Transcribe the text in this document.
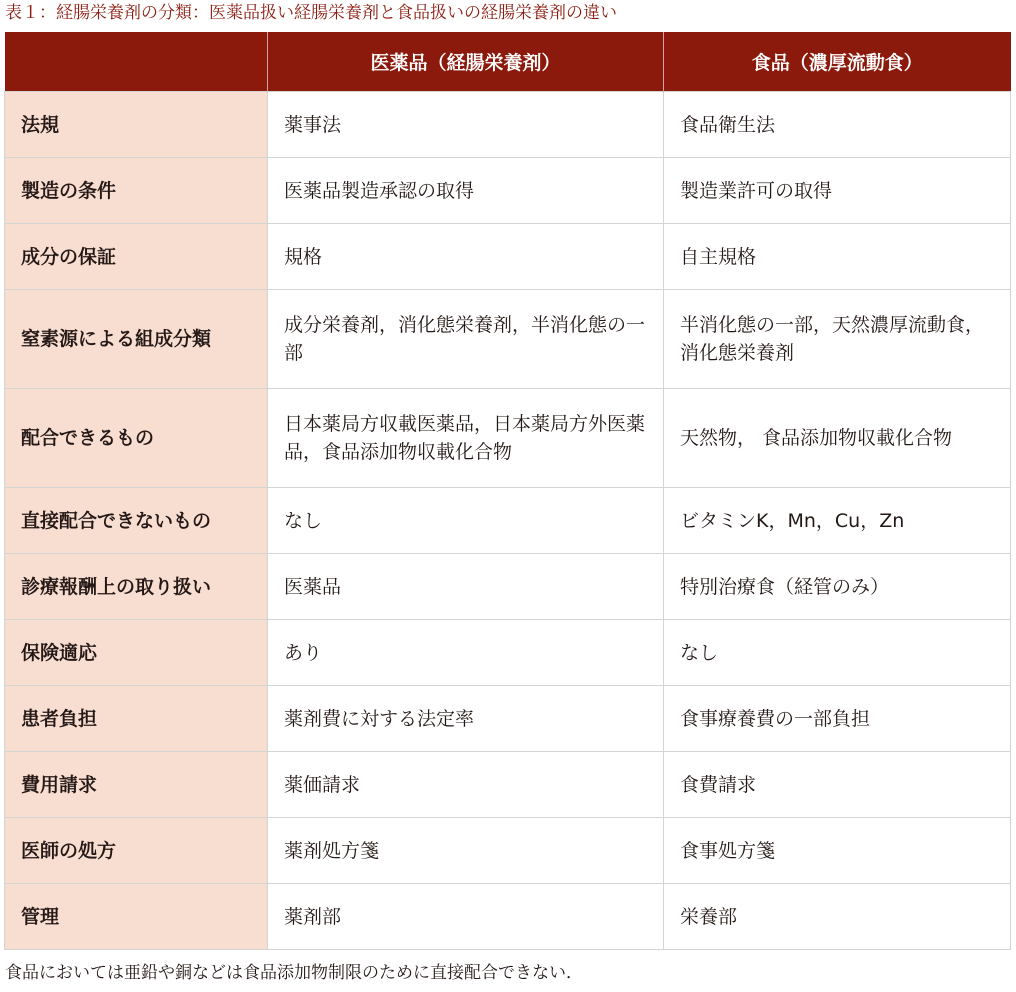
表１：経腸栄養剤の分類：医薬品扱い経腸栄養剤と食品扱いの経腸栄養剤の違い
	医薬品（経腸栄養剤）	食品（濃厚流動食）
法規	薬事法	食品衛生法
製造の条件	医薬品製造承認の取得	製造業許可の取得
成分の保証	規格	自主規格
窒素源による組成分類	成分栄養剤，消化態栄養剤，半消化態の一部	半消化態の一部，天然濃厚流動食，消化態栄養剤
配合できるもの	日本薬局方収載医薬品，日本薬局方外医薬品，食品添加物収載化合物	天然物， 食品添加物収載化合物
直接配合できないもの	なし	ビタミンK，Mn，Cu，Zn
診療報酬上の取り扱い	医薬品	特別治療食（経管のみ）
保険適応	あり	なし
患者負担	薬剤費に対する法定率	食事療養費の一部負担
費用請求	薬価請求	食費請求
医師の処方	薬剤処方箋	食事処方箋
管理	薬剤部	栄養部
食品においては亜鉛や銅などは食品添加物制限のために直接配合できない．
